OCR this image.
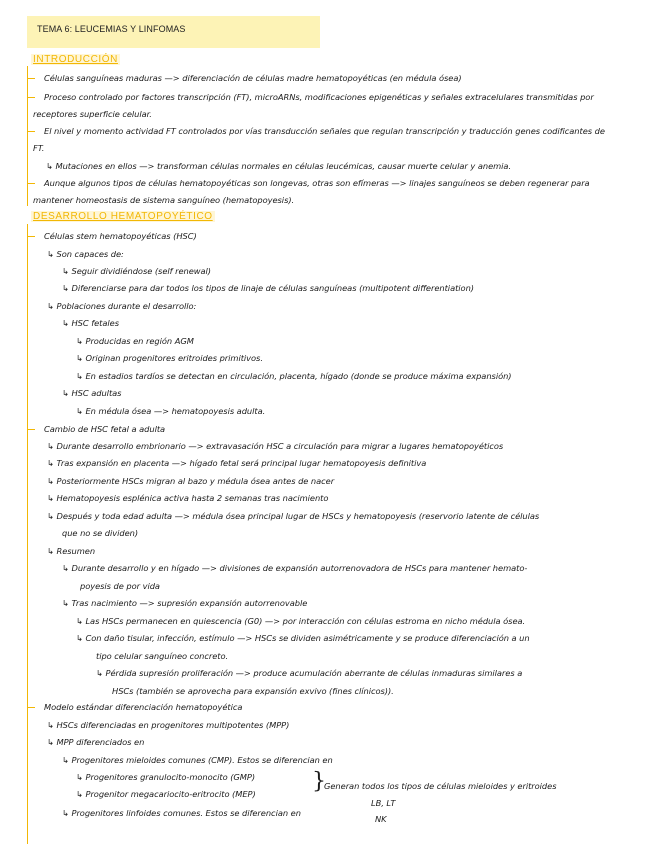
TEMA 6: LEUCEMIAS Y LINFOMAS
INTRODUCCIÓN
DESARROLLO HEMATOPOYÉTICO
Células sanguíneas maduras —> diferenciación de células madre hematopoyéticas (en médula ósea)
Proceso controlado por factores transcripción (FT), microARNs, modificaciones epigenéticas y señales extracelulares transmitidas por
receptores superficie celular.
El nivel y momento actividad FT controlados por vías transducción señales que regulan transcripción y traducción genes codificantes de
FT.
↳ Mutaciones en ellos —> transforman células normales en células leucémicas, causar muerte celular y anemia.
Aunque algunos tipos de células hematopoyéticas son longevas, otras son efímeras —> linajes sanguíneos se deben regenerar para
mantener homeostasis de sistema sanguíneo (hematopoyesis).
Células stem hematopoyéticas (HSC)
↳ Son capaces de:
↳ Seguir dividiéndose (self renewal)
↳ Diferenciarse para dar todos los tipos de linaje de células sanguíneas (multipotent differentiation)
↳ Poblaciones durante el desarrollo:
↳ HSC fetales
↳ Producidas en región AGM
↳ Originan progenitores eritroides primitivos.
↳ En estadios tardíos se detectan en circulación, placenta, hígado (donde se produce máxima expansión)
↳ HSC adultas
↳ En médula ósea —> hematopoyesis adulta.
Cambio de HSC fetal a adulta
↳ Durante desarrollo embrionario —> extravasación HSC a circulación para migrar a lugares hematopoyéticos
↳ Tras expansión en placenta —> hígado fetal será principal lugar hematopoyesis definitiva
↳ Posteriormente HSCs migran al bazo y médula ósea antes de nacer
↳ Hematopoyesis esplénica activa hasta 2 semanas tras nacimiento
↳ Después y toda edad adulta —> médula ósea principal lugar de HSCs y hematopoyesis (reservorio latente de células
que no se dividen)
↳ Resumen
↳ Durante desarrollo y en hígado —> divisiones de expansión autorrenovadora de HSCs para mantener hemato-
poyesis de por vida
↳ Tras nacimiento —> supresión expansión autorrenovable
↳ Las HSCs permanecen en quiescencia (G0) —> por interacción con células estroma en nicho médula ósea.
↳ Con daño tisular, infección, estímulo —> HSCs se dividen asimétricamente y se produce diferenciación a un
tipo celular sanguíneo concreto.
↳ Pérdida supresión proliferación —> produce acumulación aberrante de células inmaduras similares a
HSCs (también se aprovecha para expansión exvivo (fines clínicos)).
Modelo estándar diferenciación hematopoyética
↳ HSCs diferenciadas en progenitores multipotentes (MPP)
↳ MPP diferenciados en
↳ Progenitores mieloides comunes (CMP). Estos se diferencian en
↳ Progenitores granulocito-monocito (GMP)
↳ Progenitor megacariocito-eritrocito (MEP)	}
Generan todos los tipos de células mieloides y eritroides
↳ Progenitores linfoides comunes. Estos se diferencian en
LB, LT
NK
